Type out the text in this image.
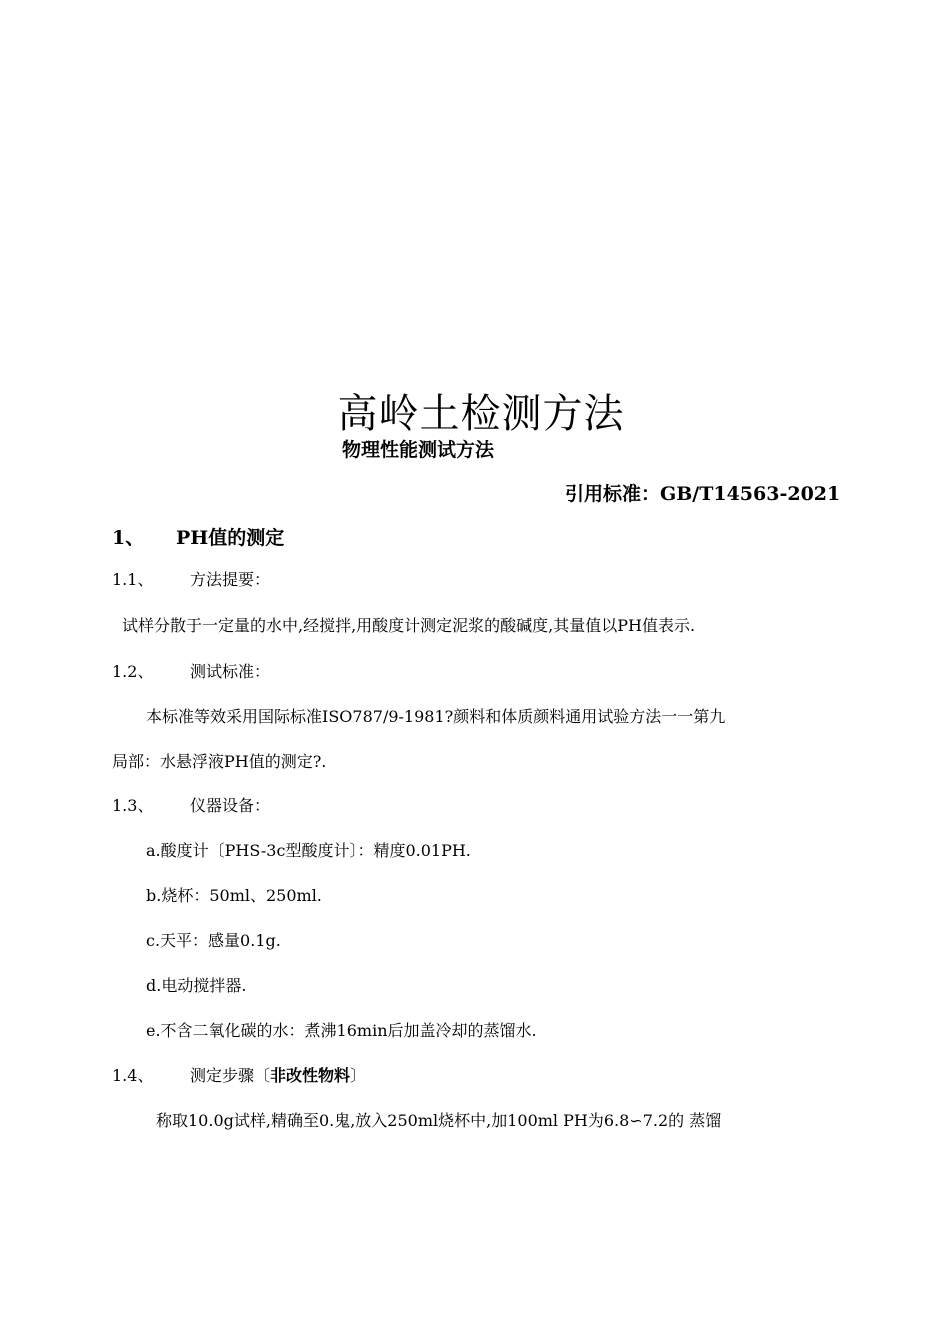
高岭土检测方法
物理性能测试方法
引用标准：GB/T14563-2021
1、 PH值的测定
1.1、 方法提要：
试样分散于一定量的水中,经搅拌,用酸度计测定泥浆的酸碱度,其量值以PH值表示.
1.2、 测试标准：
本标准等效采用国际标准ISO787/9-1981?颜料和体质颜料通用试验方法一一第九
局部：水悬浮液PH值的测定?.
1.3、 仪器设备：
a.酸度计〔PHS-3c型酸度计〕：精度0.01PH.
b.烧杯：50ml、250ml.
c.天平：感量0.1g.
d.电动搅拌器.
e.不含二氧化碳的水：煮沸16min后加盖冷却的蒸馏水.
1.4、 测定步骤〔非改性物料〕
称取10.0g试样,精确至0.鬼,放入250ml烧杯中,加100ml PH为6.8∽7.2的 蒸馏
